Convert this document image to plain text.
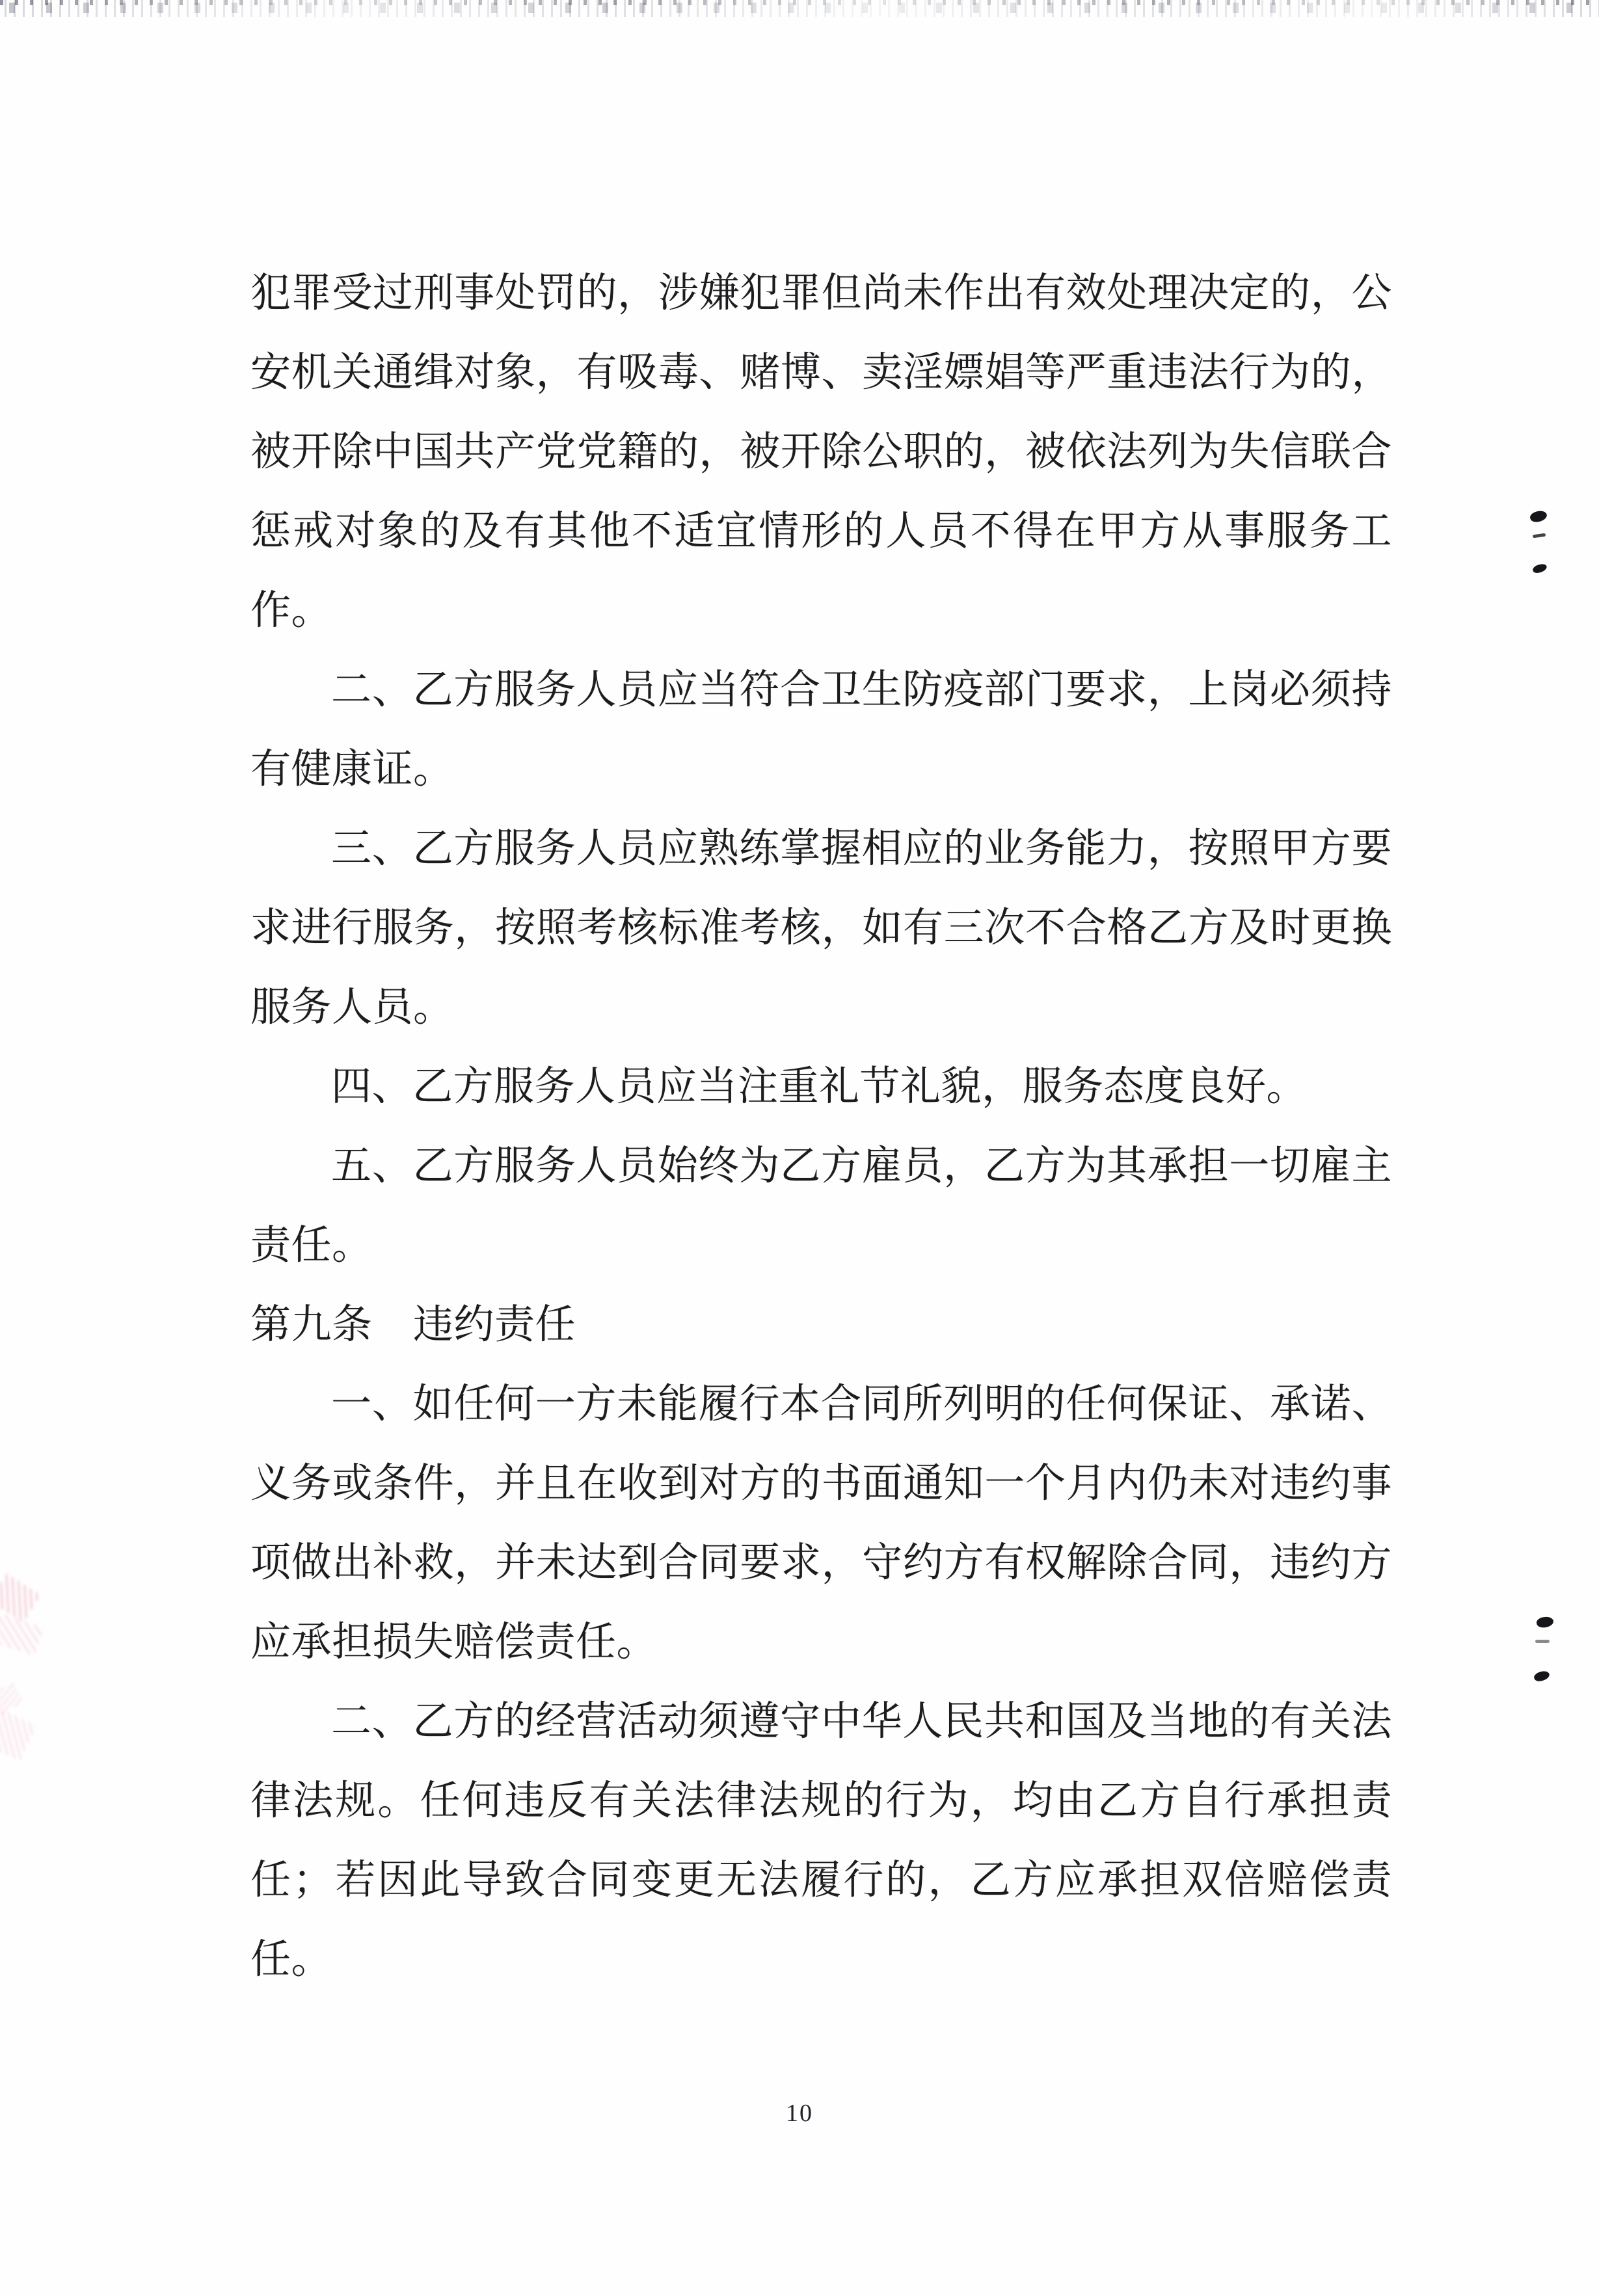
犯罪受过刑事处罚的，涉嫌犯罪但尚未作出有效处理决定的，公安机关通缉对象，有吸毒、赌博、卖淫嫖娼等严重违法行为的，被开除中国共产党党籍的，被开除公职的，被依法列为失信联合惩戒对象的及有其他不适宜情形的人员不得在甲方从事服务工作。

二、乙方服务人员应当符合卫生防疫部门要求，上岗必须持有健康证。

三、乙方服务人员应熟练掌握相应的业务能力，按照甲方要求进行服务，按照考核标准考核，如有三次不合格乙方及时更换服务人员。

四、乙方服务人员应当注重礼节礼貌，服务态度良好。

五、乙方服务人员始终为乙方雇员，乙方为其承担一切雇主责任。

第九条　违约责任

一、如任何一方未能履行本合同所列明的任何保证、承诺、义务或条件，并且在收到对方的书面通知一个月内仍未对违约事项做出补救，并未达到合同要求，守约方有权解除合同，违约方应承担损失赔偿责任。

二、乙方的经营活动须遵守中华人民共和国及当地的有关法律法规。任何违反有关法律法规的行为，均由乙方自行承担责任；若因此导致合同变更无法履行的，乙方应承担双倍赔偿责任。

10
